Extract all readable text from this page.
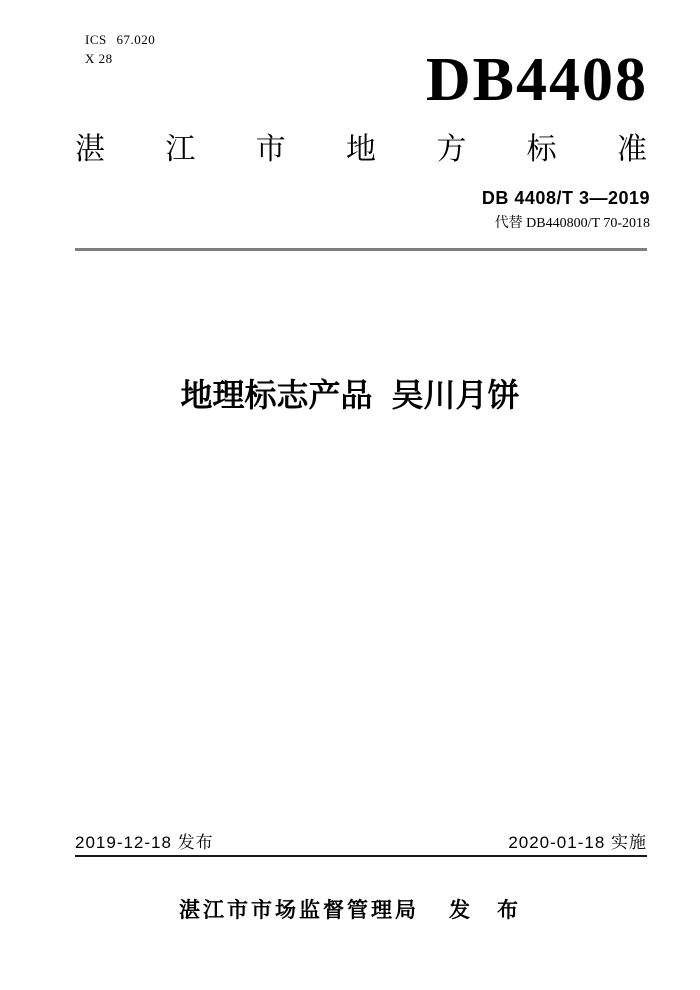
ICS 67.020
X 28	DB4408
湛 江 市 地 方 标 准
DB 4408/T 3—2019
代替 DB440800/T 70-2018
地理标志产品 吴川月饼
2019-12-18 发布	2020-01-18 实施
湛江市市场监督管理局 发　布
